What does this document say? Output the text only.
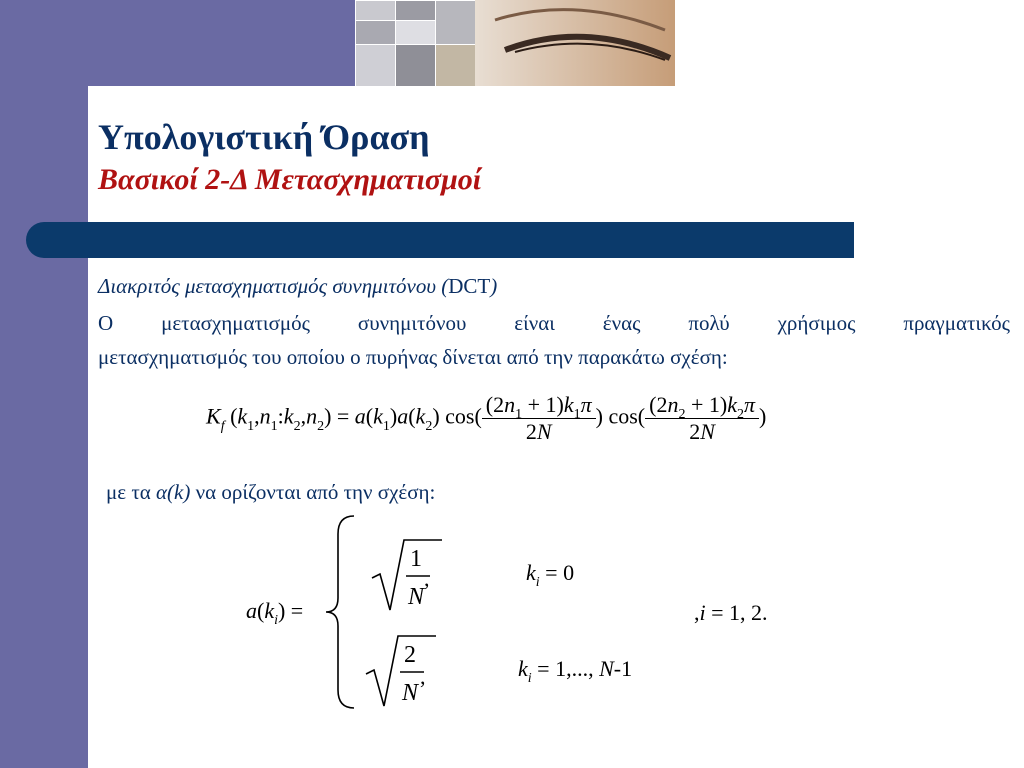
Υπολογιστική Όραση
Βασικοί 2-Δ Μετασχηματισμοί
Διακριτός μετασχηματισμός συνημιτόνου (DCT)
Ο μετασχηματισμός συνημιτόνου είναι ένας πολύ χρήσιμος πραγματικός
μετασχηματισμός του οποίου ο πυρήνας δίνεται από την παρακάτω σχέση:
$K_f$ $(k_1,n_1:k_2,n_2) = a(k_1)a(k_2)$ $\cos( \frac{(2n_1 + 1)k_1\pi}{2N}$ ) $\cos( \frac{(2n_2 + 1)k_2\pi}{2N}$ )
με τα α(k) να ορίζονται από την σχέση:
$a(k_i)$ =
1
N
,	$k_i = 0$
,i = 1, 2.
2
N
,	$k_i = 1$,..., N-1
